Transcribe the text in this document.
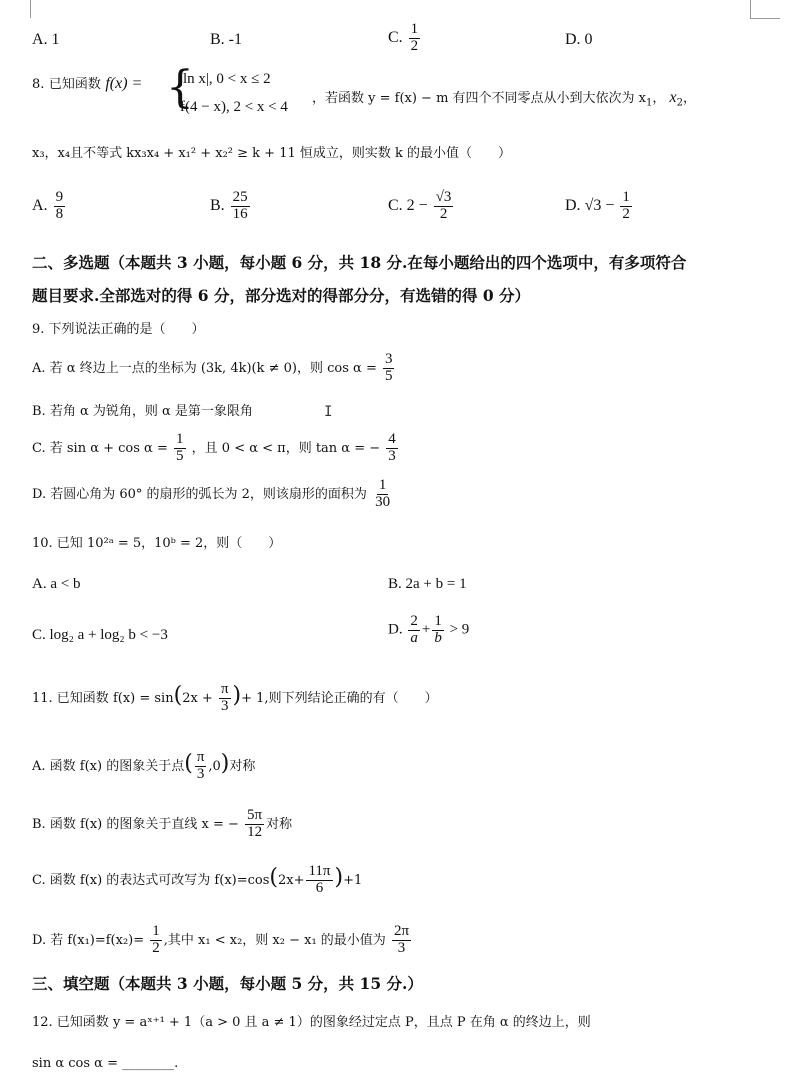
A. 1	B. -1	C. $\frac{1}{2}$	D. 0
8. 已知函数 f(x) = {
|ln x|, 0 < x ≤ 2
f(4 − x), 2 < x < 4
，若函数 y = f(x) − m 有四个不同零点从小到大依次为 $x_1$， $x_2$，
x₃，x₄且不等式 kx₃x₄ + x₁² + x₂² ≥ k + 11 恒成立，则实数 k 的最小值（　　）
A. $\frac{9}{8}$	B. $\frac{25}{16}$	C. $2 - \frac{√3}{2}$	D. $√3 - \frac{1}{2}$
二、多选题（本题共 3 小题，每小题 6 分，共 18 分.在每小题给出的四个选项中，有多项符合
题目要求.全部选对的得 6 分，部分选对的得部分分，有选错的得 0 分）
9. 下列说法正确的是（　　）
A. 若 α 终边上一点的坐标为 (3k, 4k)(k ≠ 0)，则 $\cos \alpha = \frac{3}{5}$
B. 若角 α 为锐角，则 α 是第一象限角	I
C. 若 $\sin \alpha + \cos \alpha = \frac{1}{5}$ ，且 0 < α < π，则 tan α = − $\frac{4}{3}$
D. 若圆心角为 60° 的扇形的弧长为 2，则该扇形的面积为 $\frac{1}{30}$
10. 已知 10²ᵃ = 5，10ᵇ = 2，则（　　）
A. a < b	B. 2a + b = 1
C. log₂ a + log₂ b < −3	D. $\frac{2}{a} + \frac{1}{b} > 9$
11. 已知函数 $f(x) = \sin(2x + \frac{\pi}{3}$ )+ 1,则下列结论正确的有（　　）
A. 函数 f(x) 的图象关于点( $\frac{\pi}{3} ,0$)对称
B. 函数 f(x) 的图象关于直线 x = − $\frac{5\pi}{12}$ 对称
C. 函数 f(x) 的表达式可改写为 $f(x)=\cos(2x+ \frac{11\pi}{6} )+1$
D. 若 $f(x_1)=f(x_2)= \frac{1}{2}$ ,其中 x₁ < x₂，则 x₂ − x₁ 的最小值为 $\frac{2\pi}{3}$
三、填空题（本题共 3 小题，每小题 5 分，共 15 分.）
12. 已知函数 y = aˣ⁺¹ + 1（a > 0 且 a ≠ 1）的图象经过定点 P，且点 P 在角 α 的终边上，则
sin α cos α = ________.
